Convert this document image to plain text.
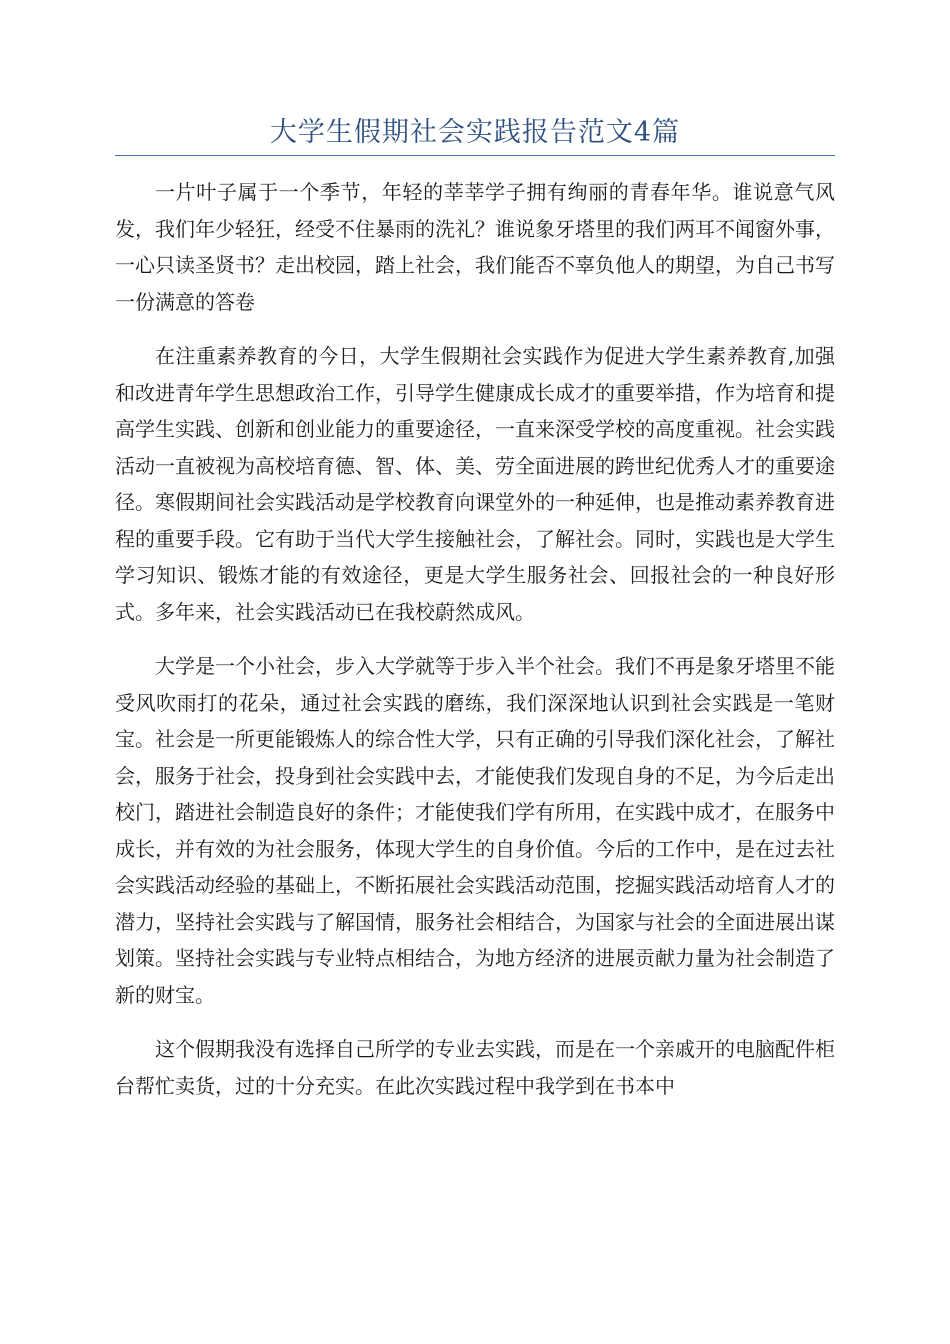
大学生假期社会实践报告范文4篇

一片叶子属于一个季节，年轻的莘莘学子拥有绚丽的青春年华。谁说意气风发，我们年少轻狂，经受不住暴雨的洗礼？谁说象牙塔里的我们两耳不闻窗外事，一心只读圣贤书？走出校园，踏上社会，我们能否不辜负他人的期望，为自己书写一份满意的答卷

在注重素养教育的今日，大学生假期社会实践作为促进大学生素养教育,加强和改进青年学生思想政治工作，引导学生健康成长成才的重要举措，作为培育和提高学生实践、创新和创业能力的重要途径，一直来深受学校的高度重视。社会实践活动一直被视为高校培育德、智、体、美、劳全面进展的跨世纪优秀人才的重要途径。寒假期间社会实践活动是学校教育向课堂外的一种延伸，也是推动素养教育进程的重要手段。它有助于当代大学生接触社会，了解社会。同时，实践也是大学生学习知识、锻炼才能的有效途径，更是大学生服务社会、回报社会的一种良好形式。多年来，社会实践活动已在我校蔚然成风。

大学是一个小社会，步入大学就等于步入半个社会。我们不再是象牙塔里不能受风吹雨打的花朵，通过社会实践的磨练，我们深深地认识到社会实践是一笔财宝。社会是一所更能锻炼人的综合性大学，只有正确的引导我们深化社会，了解社会，服务于社会，投身到社会实践中去，才能使我们发现自身的不足，为今后走出校门，踏进社会制造良好的条件；才能使我们学有所用，在实践中成才，在服务中成长，并有效的为社会服务，体现大学生的自身价值。今后的工作中，是在过去社会实践活动经验的基础上，不断拓展社会实践活动范围，挖掘实践活动培育人才的潜力，坚持社会实践与了解国情，服务社会相结合，为国家与社会的全面进展出谋划策。坚持社会实践与专业特点相结合，为地方经济的进展贡献力量为社会制造了新的财宝。

这个假期我没有选择自己所学的专业去实践，而是在一个亲戚开的电脑配件柜台帮忙卖货，过的十分充实。在此次实践过程中我学到在书本中
